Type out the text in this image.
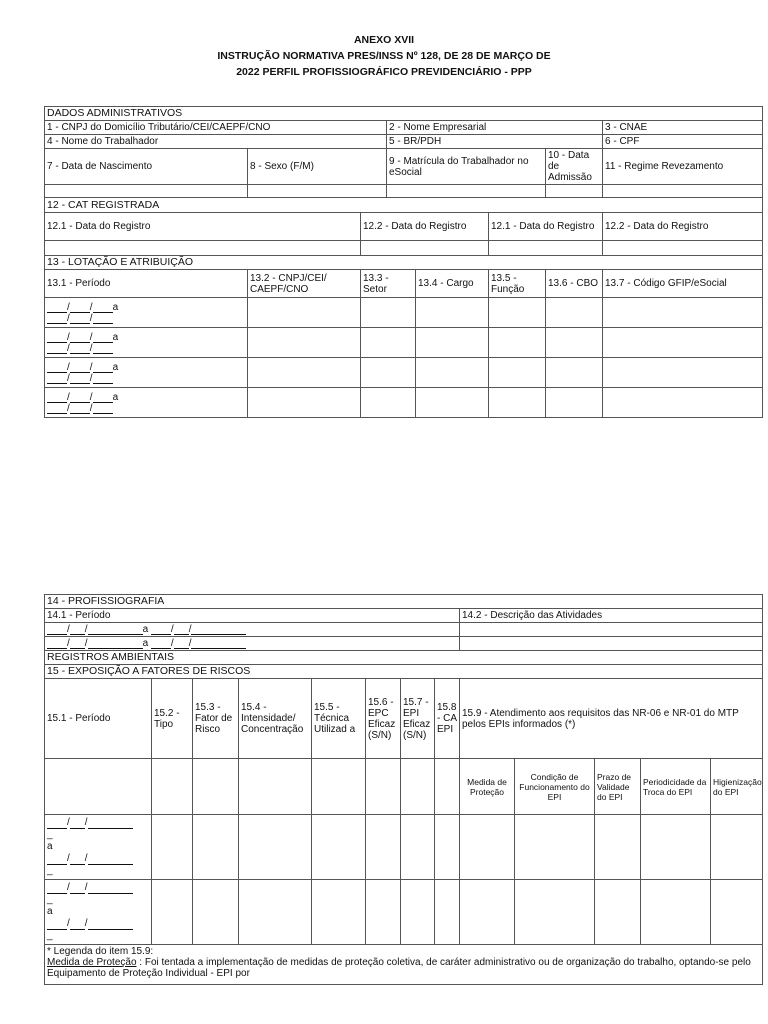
ANEXO XVII
INSTRUÇÃO NORMATIVA PRES/INSS Nº 128, DE 28 DE MARÇO DE
2022 PERFIL PROFISSIOGRÁFICO PREVIDENCIÁRIO - PPP
DADOS ADMINISTRATIVOS							
1 - CNPJ do Domicílio Tributário/CEI/CAEPF/CNO			2 - Nome Empresarial				3 - CNAE
4 - Nome do Trabalhador			5 - BR/PDH				6 - CPF
7 - Data de Nascimento	8 - Sexo (F/M)		9 - Matrícula do Trabalhador no eSocial			10 - Data de Admissão	11 - Regime Revezamento

12 - CAT REGISTRADA							
12.1 - Data do Registro		12.2 - Data do Registro			12.1 - Data do Registro		12.2 - Data do Registro

13 - LOTAÇÃO E ATRIBUIÇÃO							
13.1 - Período	13.2 - CNPJ/CEI/ CAEPF/CNO	13.3 - Setor		13.4 - Cargo	13.5 - Função	13.6 - CBO	13.7 - Código GFIP/eSocial
/ / a
/ /							
/ / a
/ /							
/ / a
/ /							
/ / a
/ /							
14 - PROFISSIOGRAFIA												
14.1 - Período								14.2 - Descrição das Atividades				
/ / a / /												
/ / a / /												
REGISTROS AMBIENTAIS												
15 - EXPOSIÇÃO A FATORES DE RISCOS												
15.1 - Período	15.2 - Tipo	15.3 - Fator de Risco	15.4 - Intensidade/ Concentração	15.5 - Técnica Utilizad a	15.6 - EPC Eficaz (S/N)	15.7 - EPI Eficaz (S/N)	15.8 - CA EPI	15.9 - Atendimento aos requisitos das NR-06 e NR-01 do MTP pelos EPIs informados (*)				
								Medida de Proteção	Condição de Funcionamento do EPI	Prazo de Validade do EPI	Periodicidade da Troca do EPI	Higienização do EPI
/ /
_
a
/ /
_												
/ /
_
a
/ /
_												

* Legenda do item 15.9:
Medida de Proteção : Foi tentada a implementação de medidas de proteção coletiva, de caráter administrativo ou de organização do trabalho, optando-se pelo Equipamento de Proteção Individual - EPI por												
